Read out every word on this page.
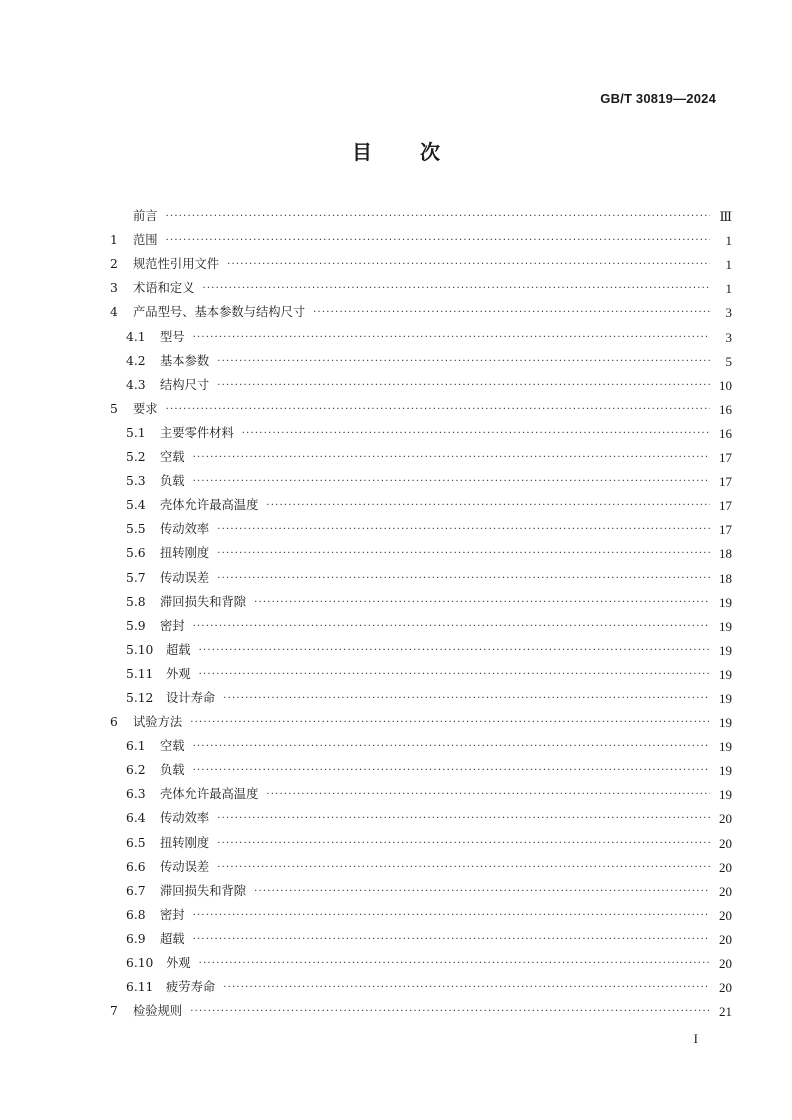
GB/T 30819—2024
目 次
前言 ·····	Ⅲ
1	范围 ·····	1
2	规范性引用文件 ·····	1
3	术语和定义 ·····	1
4	产品型号、基本参数与结构尺寸 ·····	3
4.1	型号 ·····	3
4.2	基本参数 ·····	5
4.3	结构尺寸 ·····	10
5	要求 ·····	16
5.1	主要零件材料 ·····	16
5.2	空载 ·····	17
5.3	负载 ·····	17
5.4	壳体允许最高温度 ·····	17
5.5	传动效率 ·····	17
5.6	扭转刚度 ·····	18
5.7	传动误差 ·····	18
5.8	滞回损失和背隙 ·····	19
5.9	密封 ·····	19
5.10	超载 ·····	19
5.11	外观 ·····	19
5.12	设计寿命 ·····	19
6	试验方法 ·····	19
6.1	空载 ·····	19
6.2	负载 ·····	19
6.3	壳体允许最高温度 ·····	19
6.4	传动效率 ·····	20
6.5	扭转刚度 ·····	20
6.6	传动误差 ·····	20
6.7	滞回损失和背隙 ·····	20
6.8	密封 ·····	20
6.9	超载 ·····	20
6.10	外观 ·····	20
6.11	疲劳寿命 ·····	20
7	检验规则 ·····	21
I
